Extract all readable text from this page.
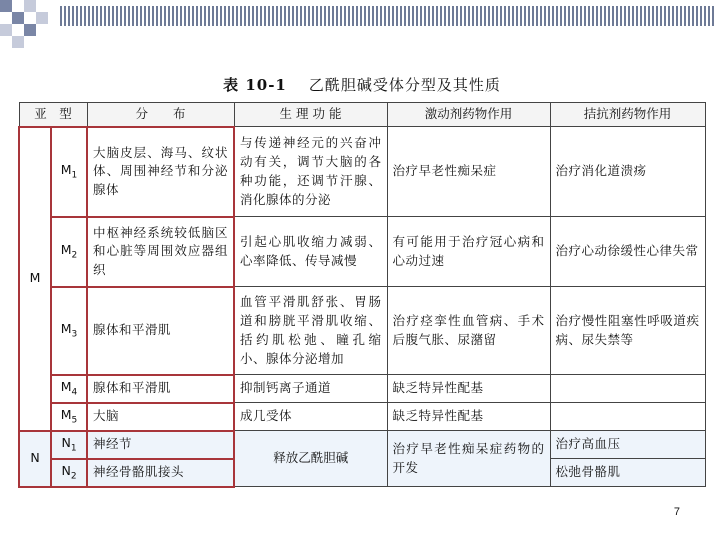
表 10-1 乙酰胆碱受体分型及其性质
亚　型		分　　布	生 理 功 能	激动剂药物作用	拮抗剂药物作用
M	$M_1$	大脑皮层、海马、纹状体、周围神经节和分泌腺体	与传递神经元的兴奋冲动有关，调节大脑的各种功能，还调节汗腺、消化腺体的分泌	治疗早老性痴呆症	治疗消化道溃疡
	$M_2$	中枢神经系统较低脑区和心脏等周围效应器组织	引起心肌收缩力减弱、心率降低、传导减慢	有可能用于治疗冠心病和心动过速	治疗心动徐缓性心律失常
	$M_3$	腺体和平滑肌	血管平滑肌舒张、胃肠道和膀胱平滑肌收缩、括约肌松弛、瞳孔缩小、腺体分泌增加	治疗痉挛性血管病、手术后腹气胀、尿潴留	治疗慢性阻塞性呼吸道疾病、尿失禁等
	$M_4$	腺体和平滑肌	抑制钙离子通道	缺乏特异性配基	
	$M_5$	大脑	成几受体	缺乏特异性配基	
N	$N_1$	神经节	释放乙酰胆碱	治疗早老性痴呆症药物的开发	治疗高血压
	$N_2$	神经骨骼肌接头			松弛骨骼肌
7
